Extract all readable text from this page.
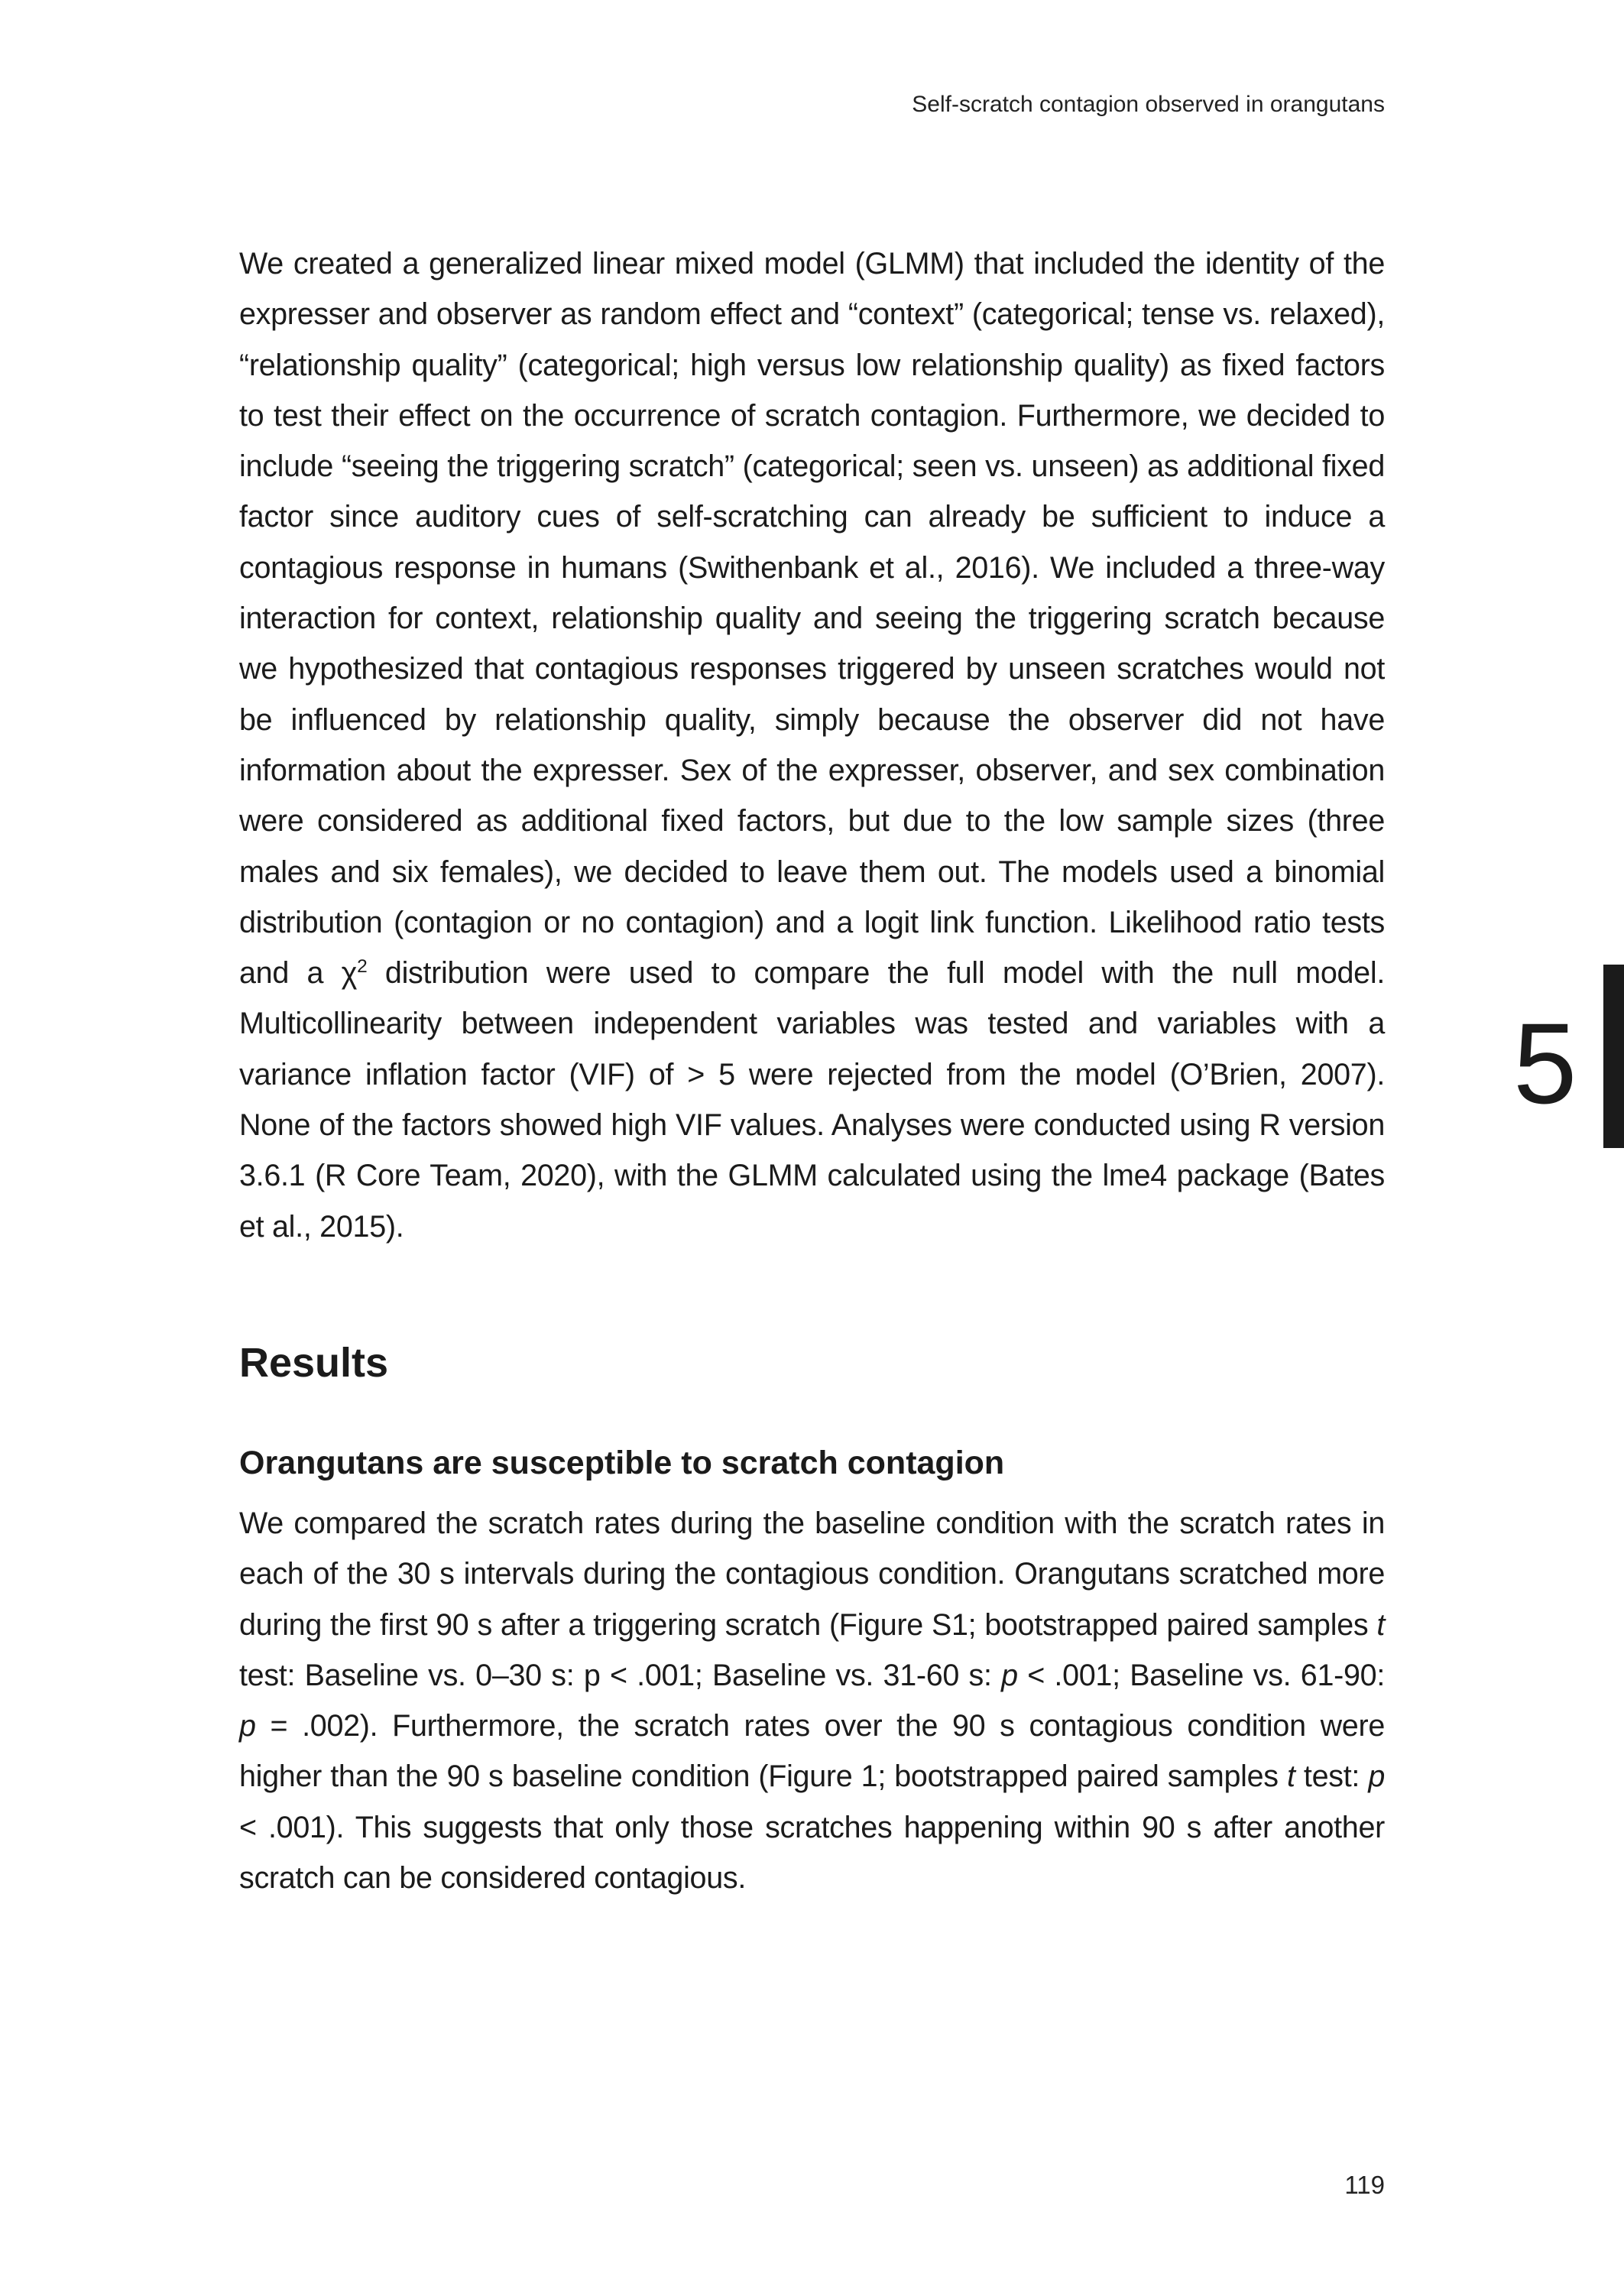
Self-scratch contagion observed in orangutans

We created a generalized linear mixed model (GLMM) that included the identity of the expresser and observer as random effect and “context” (categorical; tense vs. relaxed), “relationship quality” (categorical; high versus low relationship quality) as fixed factors to test their effect on the occurrence of scratch contagion. Furthermore, we decided to include “seeing the triggering scratch” (categorical; seen vs. unseen) as additional fixed factor since auditory cues of self-scratching can already be sufficient to induce a contagious response in humans (Swithenbank et al., 2016). We included a three-way interaction for context, relationship quality and seeing the triggering scratch because we hypothesized that contagious responses triggered by unseen scratches would not be influenced by relationship quality, simply because the observer did not have information about the expresser. Sex of the expresser, observer, and sex combination were considered as additional fixed factors, but due to the low sample sizes (three males and six females), we decided to leave them out. The models used a binomial distribution (contagion or no contagion) and a logit link function. Likelihood ratio tests and a $\chi^2$ distribution were used to compare the full model with the null model. Multicollinearity between independent variables was tested and variables with a variance inflation factor (VIF) of > 5 were rejected from the model (O’Brien, 2007). None of the factors showed high VIF values. Analyses were conducted using R version 3.6.1 (R Core Team, 2020), with the GLMM calculated using the lme4 package (Bates et al., 2015).

Results
Orangutans are susceptible to scratch contagion

We compared the scratch rates during the baseline condition with the scratch rates in each of the 30 s intervals during the contagious condition. Orangutans scratched more during the first 90 s after a triggering scratch (Figure S1; bootstrapped paired samples t test: Baseline vs. 0–30 s: p < .001; Baseline vs. 31-60 s: p < .001; Baseline vs. 61-90: p = .002). Furthermore, the scratch rates over the 90 s contagious condition were higher than the 90 s baseline condition (Figure 1; bootstrapped paired samples t test: p < .001). This suggests that only those scratches happening within 90 s after another scratch can be considered contagious.

5
119
